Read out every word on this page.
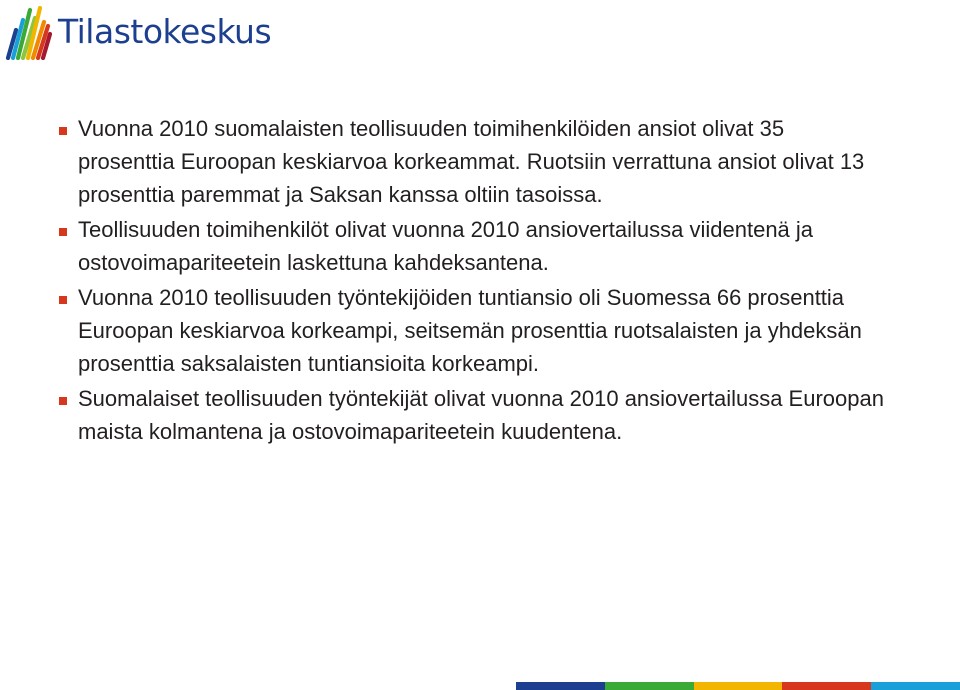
Tilastokeskus
Vuonna 2010 suomalaisten teollisuuden toimihenkilöiden ansiot olivat 35 prosenttia Euroopan keskiarvoa korkeammat. Ruotsiin verrattuna ansiot olivat 13 prosenttia paremmat ja Saksan kanssa oltiin tasoissa.
Teollisuuden toimihenkilöt olivat vuonna 2010 ansiovertailussa viidentenä ja ostovoimapariteetein laskettuna kahdeksantena.
Vuonna 2010 teollisuuden työntekijöiden tuntiansio oli Suomessa 66 prosenttia Euroopan keskiarvoa korkeampi, seitsemän prosenttia ruotsalaisten ja yhdeksän prosenttia saksalaisten tuntiansioita korkeampi.
Suomalaiset teollisuuden työntekijät olivat vuonna 2010 ansiovertailussa Euroopan maista kolmantena ja ostovoimapariteetein kuudentena.
